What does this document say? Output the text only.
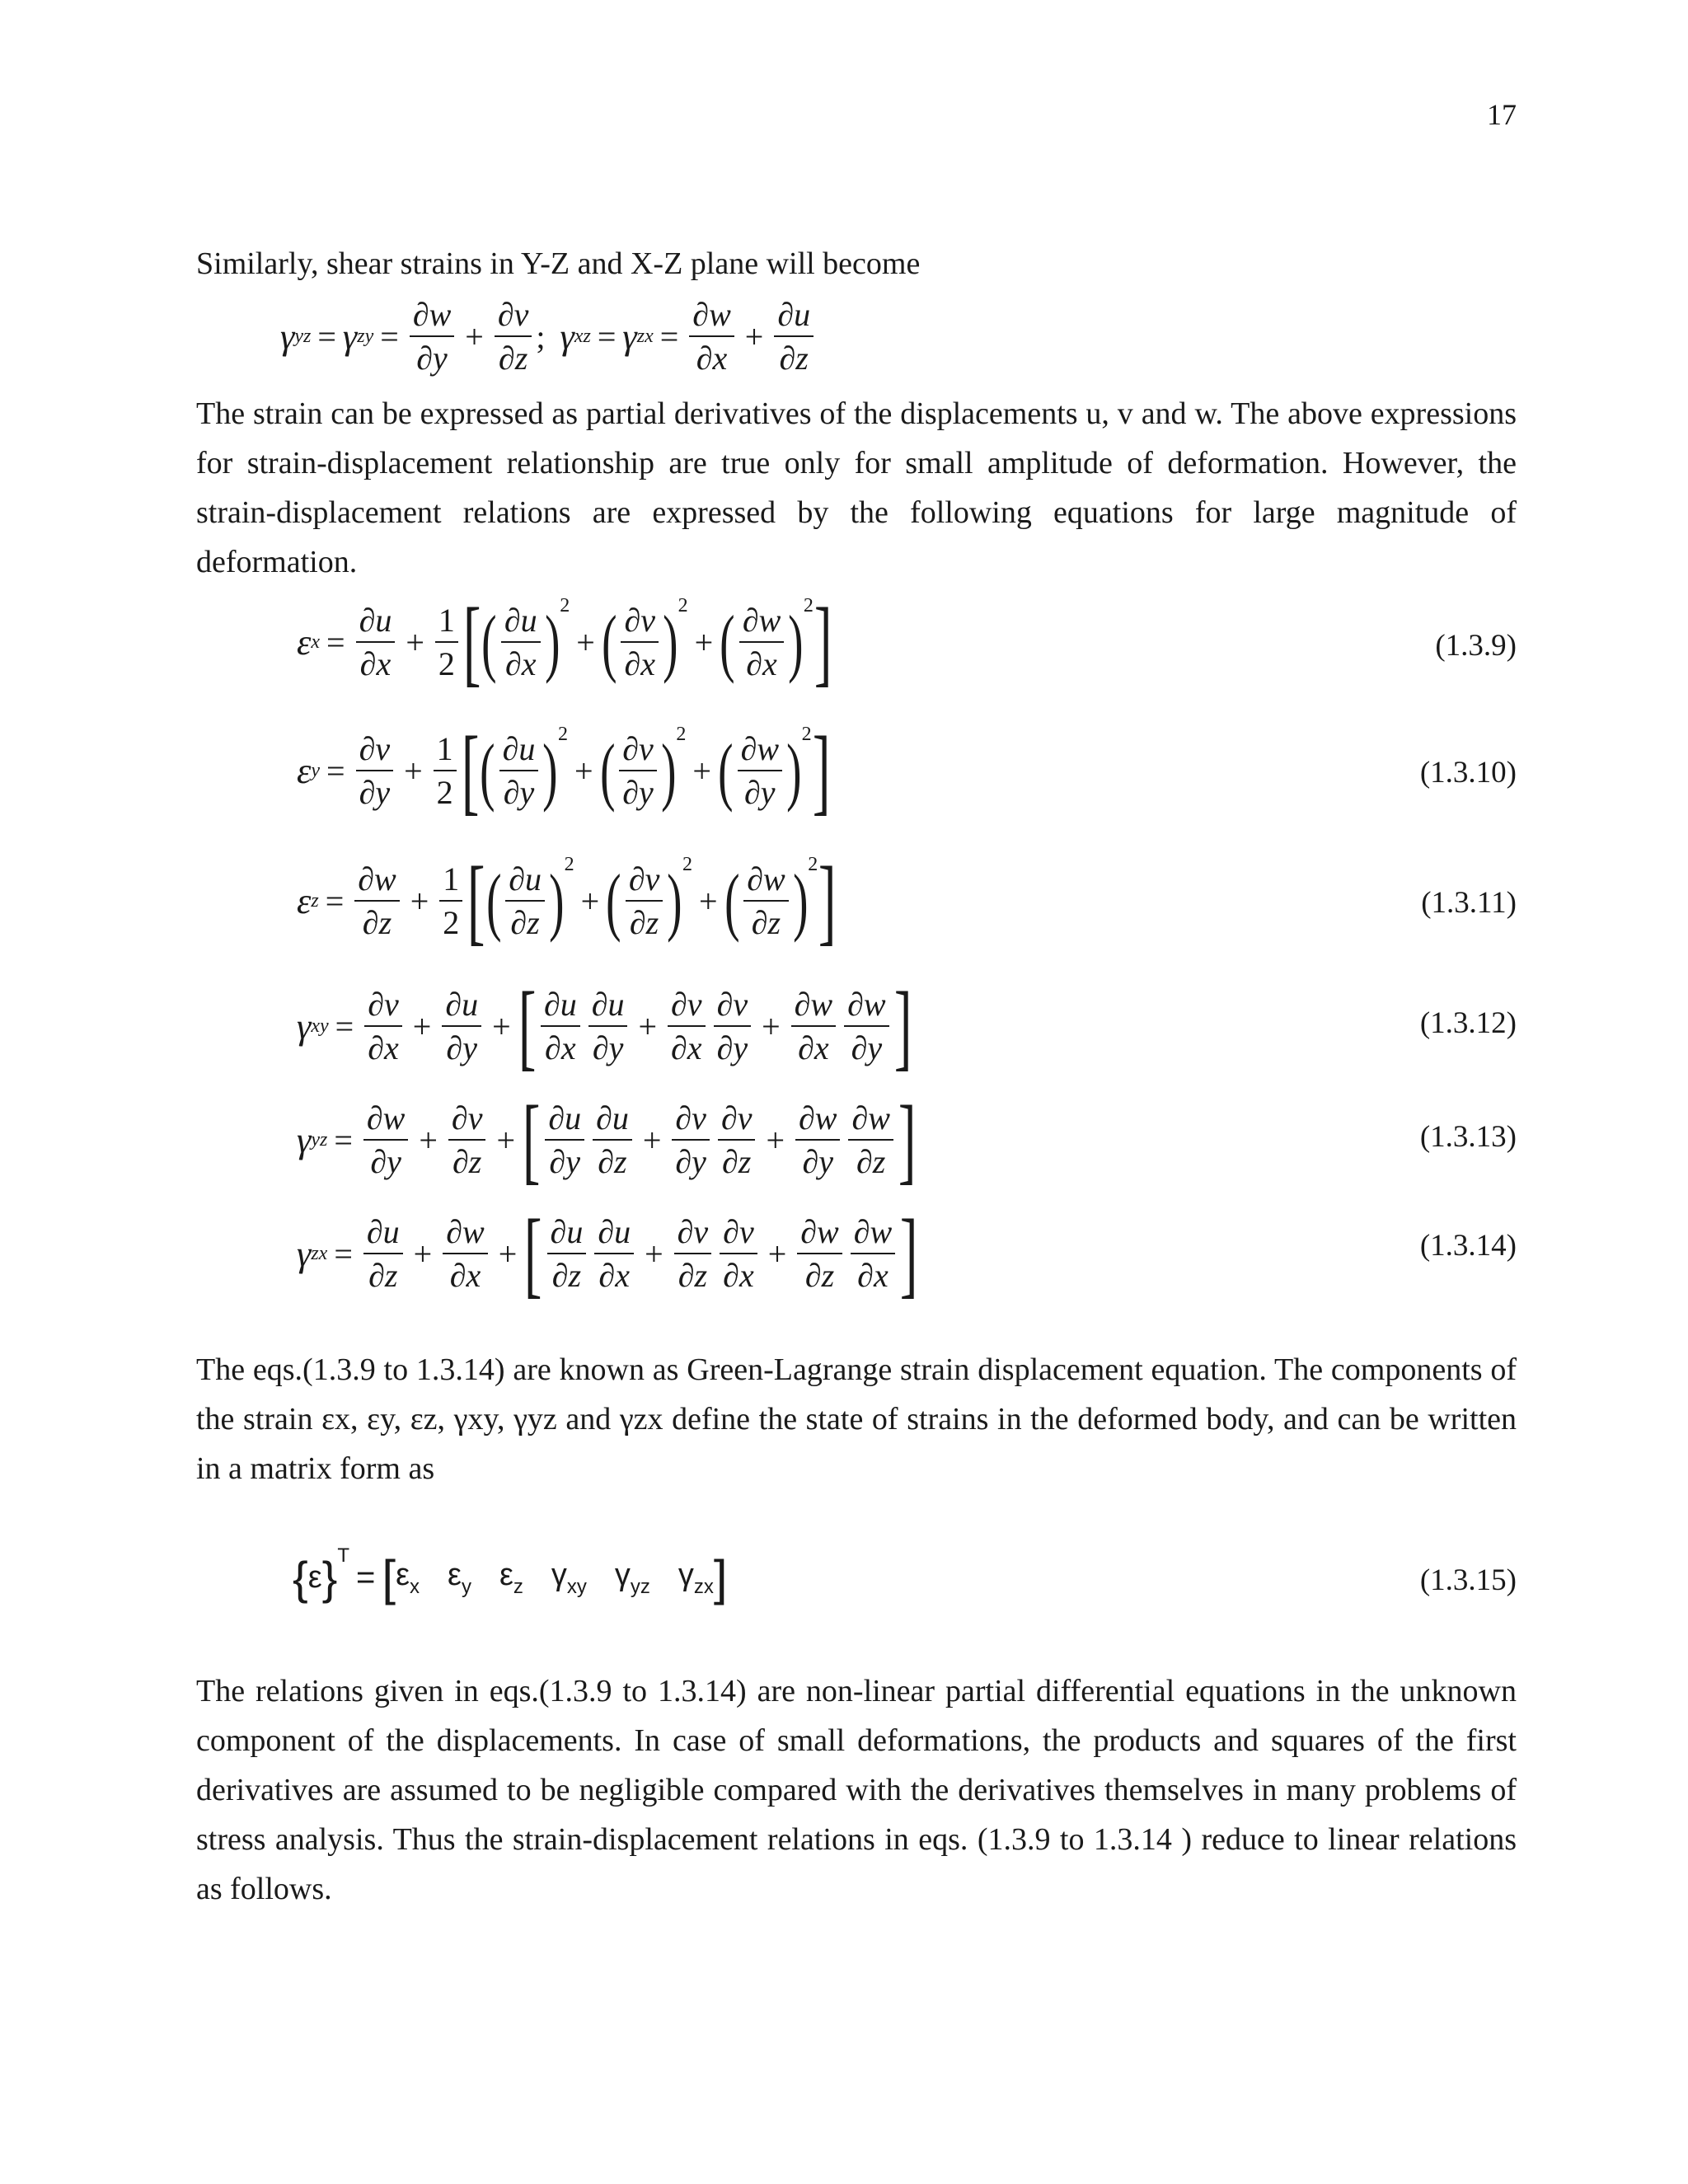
17

Similarly, shear strains in Y-Z and X-Z plane will become

γ yz = γ zy = $\frac{\partial w}{\partial y} + \frac{\partial v}{\partial z}$ ; γ xz = γ zx = $\frac{\partial w}{\partial x} + \frac{\partial u}{\partial z}$

The strain can be expressed as partial derivatives of the displacements u, v and w. The above expressions for strain-displacement relationship are true only for small amplitude of deformation. However, the strain-displacement relations are expressed by the following equations for large magnitude of deformation.

ε $x = \frac{\partial u}{\partial x} + \frac{1}{2}$ [ ( $\frac{\partial u}{\partial x}$ ) 2
+ ( $\frac{\partial v}{\partial x}$ ) 2
+ ( $\frac{\partial w}{\partial x}$ ) 2 ]	(1.3.9)
ε $y = \frac{\partial v}{\partial y} + \frac{1}{2}$ [ ( $\frac{\partial u}{\partial y}$ ) 2
+ ( $\frac{\partial v}{\partial y}$ ) 2
+ ( $\frac{\partial w}{\partial y}$ ) 2 ]	(1.3.10)
ε $z = \frac{\partial w}{\partial z} + \frac{1}{2}$ [ ( $\frac{\partial u}{\partial z}$ ) 2
+ ( $\frac{\partial v}{\partial z}$ ) 2
+ ( $\frac{\partial w}{\partial z}$ ) 2 ]	(1.3.11)
γ xy = $\frac{\partial v}{\partial x} + \frac{\partial u}{\partial y}$ + [ $\frac{\partial u}{\partial x} \frac{\partial u}{\partial y} + \frac{\partial v}{\partial x} \frac{\partial v}{\partial y} + \frac{\partial w}{\partial x} \frac{\partial w}{\partial y}$ ]	(1.3.12)
γ yz = $\frac{\partial w}{\partial y} + \frac{\partial v}{\partial z}$ + [ $\frac{\partial u}{\partial y} \frac{\partial u}{\partial z} + \frac{\partial v}{\partial y} \frac{\partial v}{\partial z} + \frac{\partial w}{\partial y} \frac{\partial w}{\partial z}$ ]	(1.3.13)
γ zx = $\frac{\partial u}{\partial z} + \frac{\partial w}{\partial x}$ + [ $\frac{\partial u}{\partial z} \frac{\partial u}{\partial x} + \frac{\partial v}{\partial z} \frac{\partial v}{\partial x} + \frac{\partial w}{\partial z} \frac{\partial w}{\partial x}$ ]	(1.3.14)

The eqs.(1.3.9 to 1.3.14) are known as Green-Lagrange strain displacement equation. The components of the strain εx, εy, εz, γxy, γyz and γzx define the state of strains in the deformed body, and can be written in a matrix form as

{ ε } T
= [ $\varepsilon_x$ $\varepsilon_y$ $\varepsilon_z$ $\gamma_{xy}$ $\gamma_{yz}$ $\gamma_{zx}$ ]	(1.3.15)

The relations given in eqs.(1.3.9 to 1.3.14) are non-linear partial differential equations in the unknown component of the displacements. In case of small deformations, the products and squares of the first derivatives are assumed to be negligible compared with the derivatives themselves in many problems of stress analysis. Thus the strain-displacement relations in eqs. (1.3.9 to 1.3.14 ) reduce to linear relations as follows.
